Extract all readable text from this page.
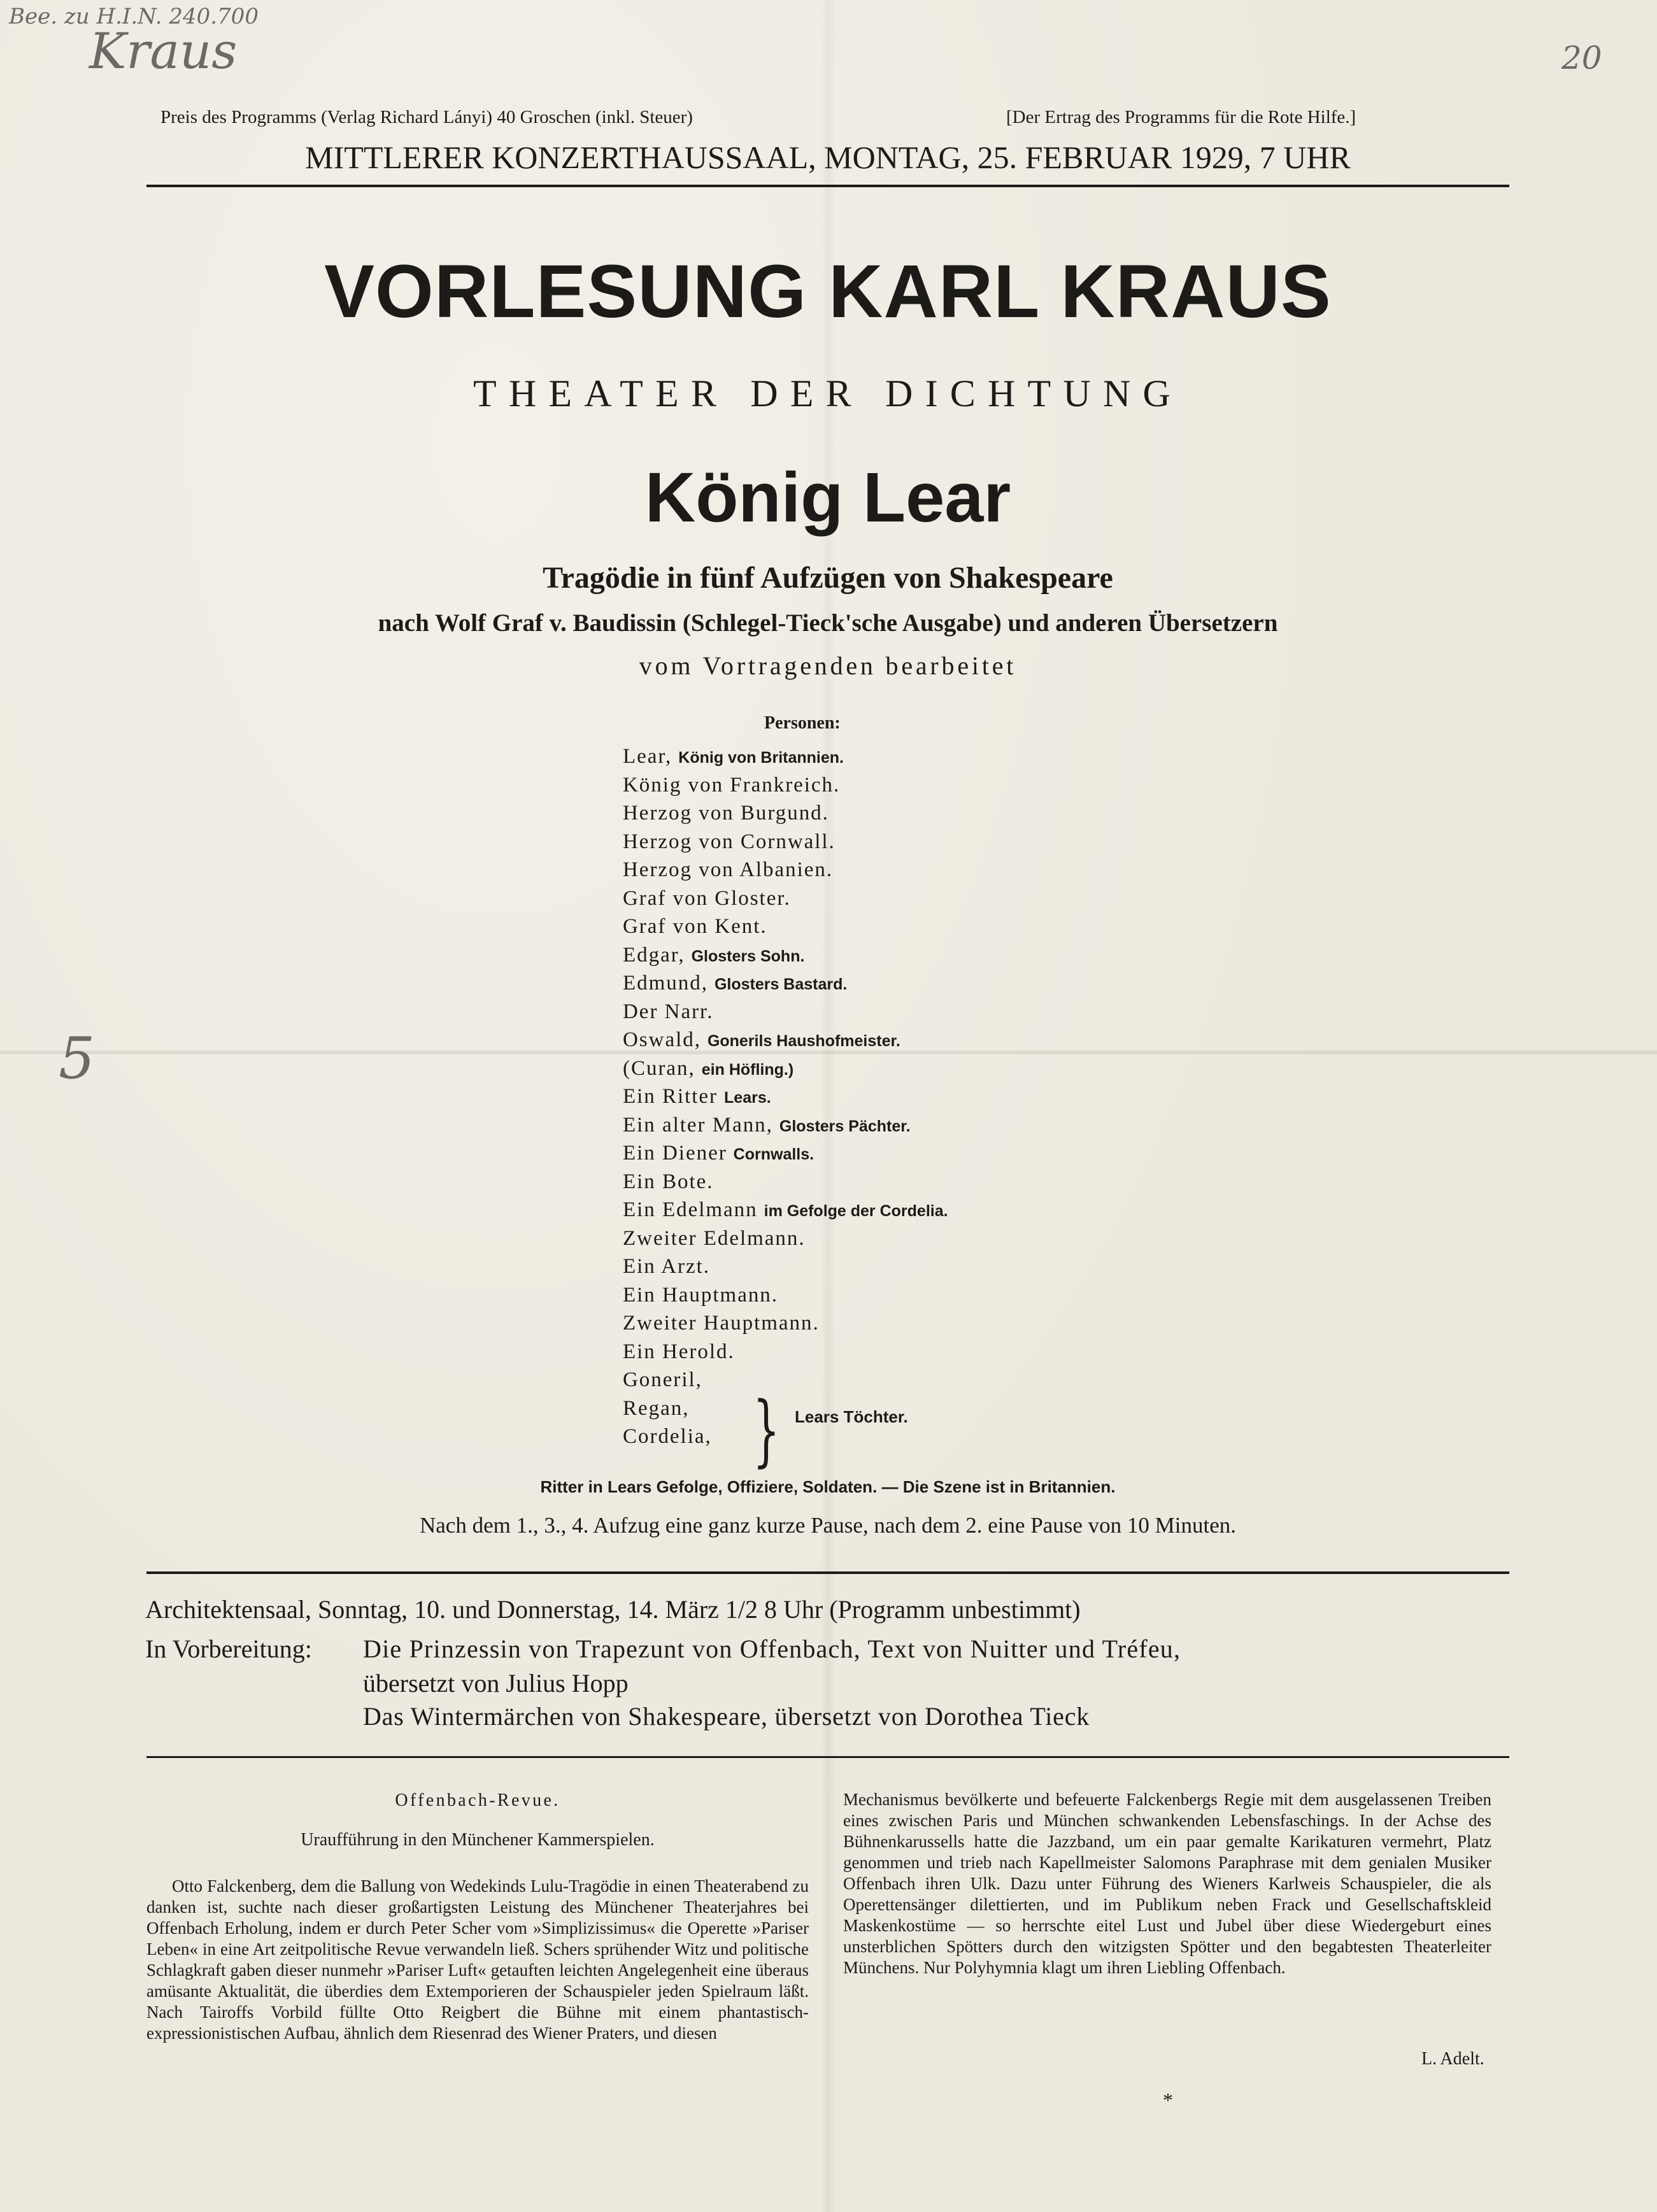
Bee. zu H.I.N. 240.700
Kraus	20
5
Preis des Programms (Verlag Richard Lányi) 40 Groschen (inkl. Steuer)	[Der Ertrag des Programms für die Rote Hilfe.]
MITTLERER KONZERTHAUSSAAL, MONTAG, 25. FEBRUAR 1929, 7 UHR
VORLESUNG KARL KRAUS
THEATER DER DICHTUNG
König Lear
Tragödie in fünf Aufzügen von Shakespeare
nach Wolf Graf v. Baudissin (Schlegel-Tieck'sche Ausgabe) und anderen Übersetzern
vom Vortragenden bearbeitet
Personen:
Lear, König von Britannien.
König von Frankreich.
Herzog von Burgund.
Herzog von Cornwall.
Herzog von Albanien.
Graf von Gloster.
Graf von Kent.
Edgar, Glosters Sohn.
Edmund, Glosters Bastard.
Der Narr.
Oswald, Gonerils Haushofmeister.
(Curan, ein Höfling.)
Ein Ritter Lears.
Ein alter Mann, Glosters Pächter.
Ein Diener Cornwalls.
Ein Bote.
Ein Edelmann im Gefolge der Cordelia.
Zweiter Edelmann.
Ein Arzt.
Ein Hauptmann.
Zweiter Hauptmann.
Ein Herold.
Goneril,
Regan,
Cordelia, } Lears Töchter.
Ritter in Lears Gefolge, Offiziere, Soldaten. — Die Szene ist in Britannien.
Nach dem 1., 3., 4. Aufzug eine ganz kurze Pause, nach dem 2. eine Pause von 10 Minuten.
Architektensaal, Sonntag, 10. und Donnerstag, 14. März 1/2 8 Uhr (Programm unbestimmt)
In Vorbereitung: Die Prinzessin von Trapezunt von Offenbach, Text von Nuitter und Tréfeu,
übersetzt von Julius Hopp
Das Wintermärchen von Shakespeare, übersetzt von Dorothea Tieck
Offenbach-Revue.
Uraufführung in den Münchener Kammerspielen.

Otto Falckenberg, dem die Ballung von Wedekinds Lulu-Tragödie in einen Theaterabend zu danken ist, suchte nach dieser großartigsten Leistung des Münchener Theaterjahres bei Offenbach Erholung, indem er durch Peter Scher vom »Simplizissimus« die Operette »Pariser Leben« in eine Art zeitpolitische Revue verwandeln ließ. Schers sprühender Witz und politische Schlagkraft gaben dieser nunmehr »Pariser Luft« getauften leichten Angelegenheit eine überaus amüsante Aktualität, die überdies dem Extemporieren der Schauspieler jeden Spielraum läßt. Nach Tairoffs Vorbild füllte Otto Reigbert die Bühne mit einem phantastisch-expressionistischen Aufbau, ähnlich dem Riesenrad des Wiener Praters, und diesen

Mechanismus bevölkerte und befeuerte Falckenbergs Regie mit dem ausgelassenen Treiben eines zwischen Paris und München schwankenden Lebensfaschings. In der Achse des Bühnenkarussells hatte die Jazzband, um ein paar gemalte Karikaturen vermehrt, Platz genommen und trieb nach Kapellmeister Salomons Paraphrase mit dem genialen Musiker Offenbach ihren Ulk. Dazu unter Führung des Wieners Karlweis Schauspieler, die als Operettensänger dilettierten, und im Publikum neben Frack und Gesellschaftskleid Maskenkostüme — so herrschte eitel Lust und Jubel über diese Wiedergeburt eines unsterblichen Spötters durch den witzigsten Spötter und den begabtesten Theaterleiter Münchens. Nur Polyhymnia klagt um ihren Liebling Offenbach.

L. Adelt.
*
